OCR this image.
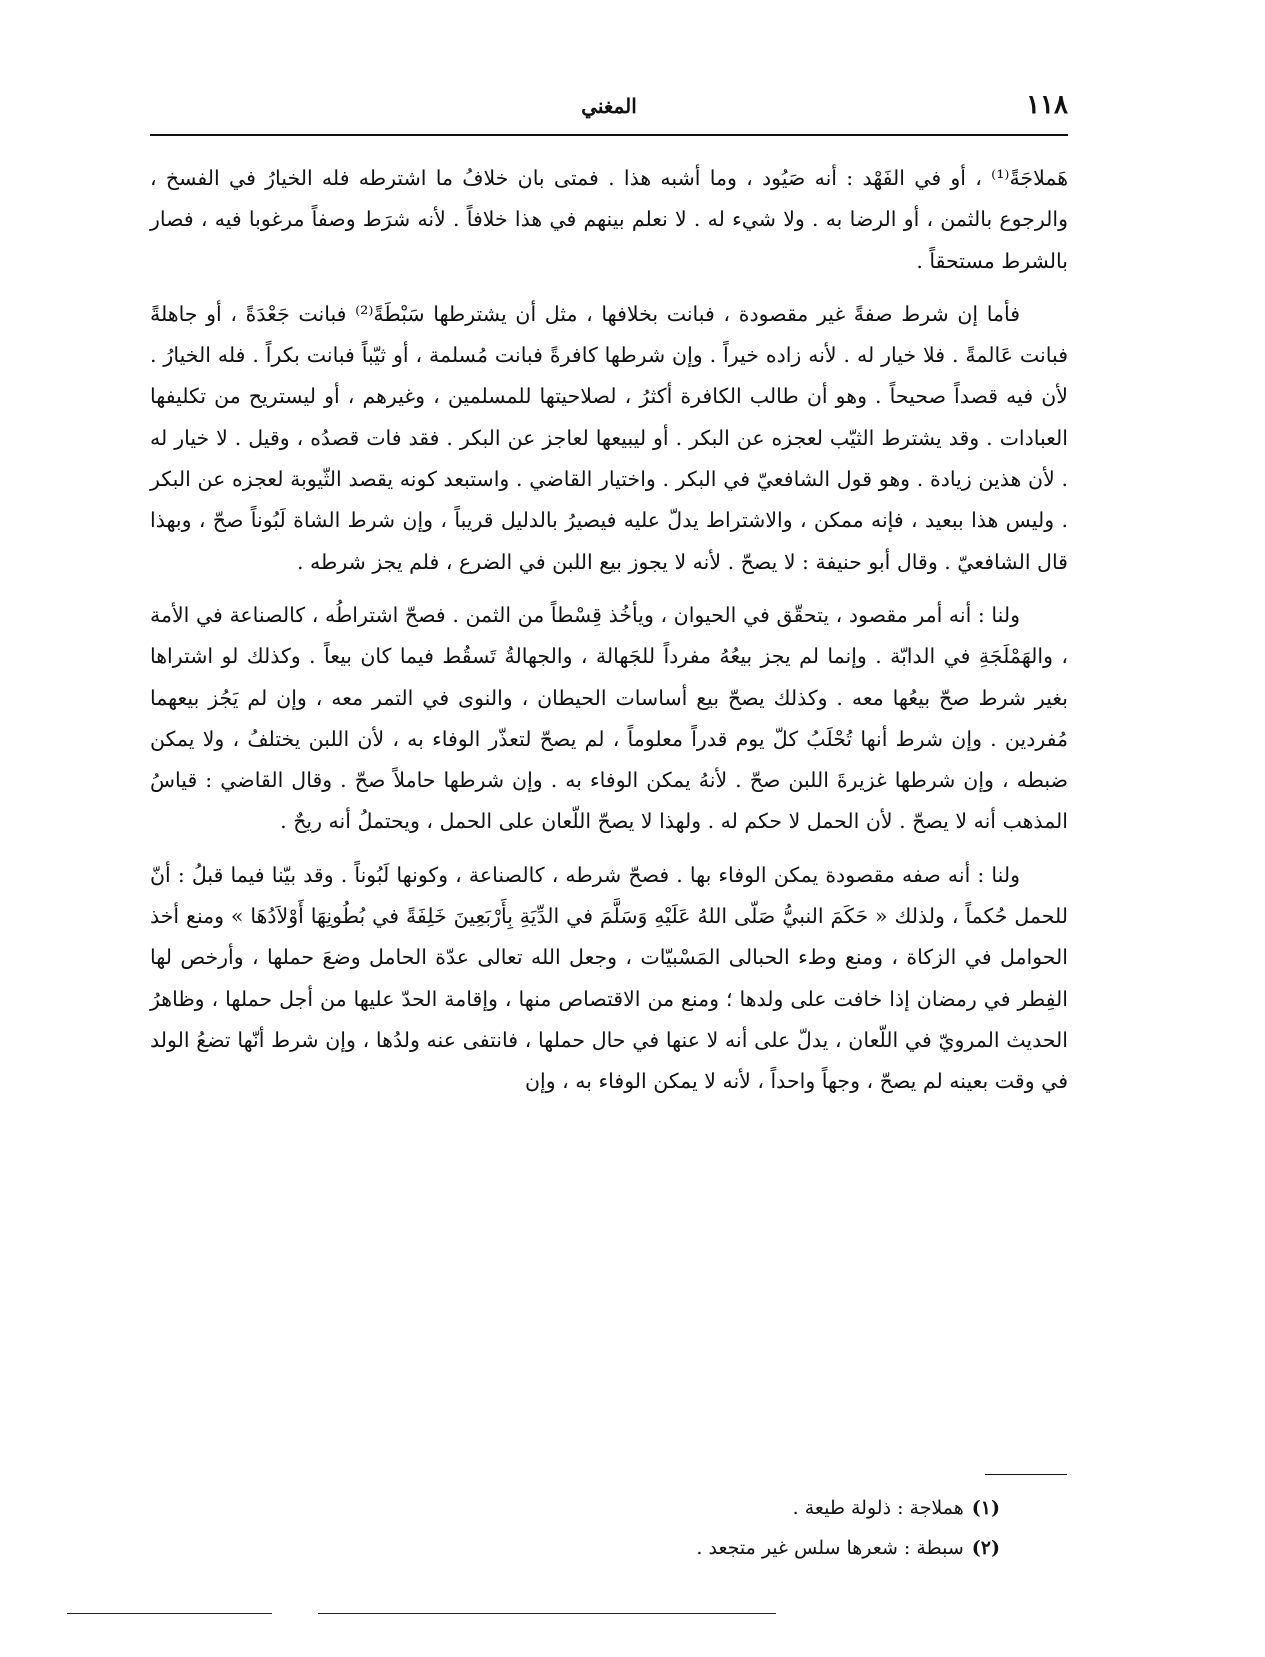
١١٨
المغني

هَملاجَةً⁽¹⁾ ، أو في الفَهْد : أنه صَيُود ، وما أشبه هذا . فمتى بان خلافُ ما اشترطه فله الخيارُ في الفسخ ، والرجوع بالثمن ، أو الرضا به . ولا شيء له . لا نعلم بينهم في هذا خلافاً . لأنه شرَط وصفاً مرغوبا فيه ، فصار بالشرط مستحقاً .

فأما إن شرط صفةً غير مقصودة ، فبانت بخلافها ، مثل أن يشترطها سَبْطَةً⁽²⁾ فبانت جَعْدَةً ، أو جاهلةً فبانت عَالمةً . فلا خيار له . لأنه زاده خيراً . وإن شرطها كافرةً فبانت مُسلمة ، أو ثيّباً فبانت بكراً . فله الخيارُ . لأن فيه قصداً صحيحاً . وهو أن طالب الكافرة أكثرُ ، لصلاحيتها للمسلمين ، وغيرهم ، أو ليستريح من تكليفها العبادات . وقد يشترط الثيّب لعجزه عن البكر . أو ليبيعها لعاجز عن البكر . فقد فات قصدُه ، وقيل . لا خيار له . لأن هذين زيادة . وهو قول الشافعيّ في البكر . واختيار القاضي . واستبعد كونه يقصد الثّيوبة لعجزه عن البكر . وليس هذا ببعيد ، فإنه ممكن ، والاشتراط يدلّ عليه فيصيرُ بالدليل قريباً ، وإن شرط الشاة لَبُوناً صحّ ، وبهذا قال الشافعيّ . وقال أبو حنيفة : لا يصحّ . لأنه لا يجوز بيع اللبن في الضرع ، فلم يجز شرطه .

ولنا : أنه أمر مقصود ، يتحقّق في الحيوان ، ويأخُذ قِسْطاً من الثمن . فصحّ اشتراطُه ، كالصناعة في الأمة ، والهَمْلَجَةِ في الدابّة . وإنما لم يجز بيعُهُ مفرداً للجَهالة ، والجهالةُ تَسقُط فيما كان بيعاً . وكذلك لو اشتراها بغير شرط صحّ بيعُها معه . وكذلك يصحّ بيع أساسات الحيطان ، والنوى في التمر معه ، وإن لم يَجُز بيعهما مُفردين . وإن شرط أنها تُحْلَبُ كلّ يوم قدراً معلوماً ، لم يصحّ لتعذّر الوفاء به ، لأن اللبن يختلفُ ، ولا يمكن ضبطه ، وإن شرطها غزيرةَ اللبن صحّ . لأنهُ يمكن الوفاء به . وإن شرطها حاملاً صحّ . وقال القاضي : قياسُ المذهب أنه لا يصحّ . لأن الحمل لا حكم له . ولهذا لا يصحّ اللّعان على الحمل ، ويحتملُ أنه ريحٌ .

ولنا : أنه صفه مقصودة يمكن الوفاء بها . فصحّ شرطه ، كالصناعة ، وكونها لَبُوناً . وقد بيّنا فيما قبلُ : أنّ للحمل حُكماً ، ولذلك « حَكَمَ النبيُّ صَلّى اللهُ عَلَيْهِ وَسَلَّمَ في الدِّيَةِ بِأَرْبَعِينَ خَلِفَةً في بُطُونِهَا أَوْلاَدُهَا » ومنع أخذ الحوامل في الزكاة ، ومنع وطء الحبالى المَسْبيّات ، وجعل الله تعالى عدّة الحامل وضعَ حملها ، وأرخص لها الفِطر في رمضان إذا خافت على ولدها ؛ ومنع من الاقتصاص منها ، وإقامة الحدّ عليها من أجل حملها ، وظاهرُ الحديث المرويّ في اللّعان ، يدلّ على أنه لا عنها في حال حملها ، فانتفى عنه ولدُها ، وإن شرط أنّها تضعُ الولد في وقت بعينه لم يصحّ ، وجهاً واحداً ، لأنه لا يمكن الوفاء به ، وإن

(١)هملاجة : ذلولة طيعة .

(٢)سبطة : شعرها سلس غير متجعد .
